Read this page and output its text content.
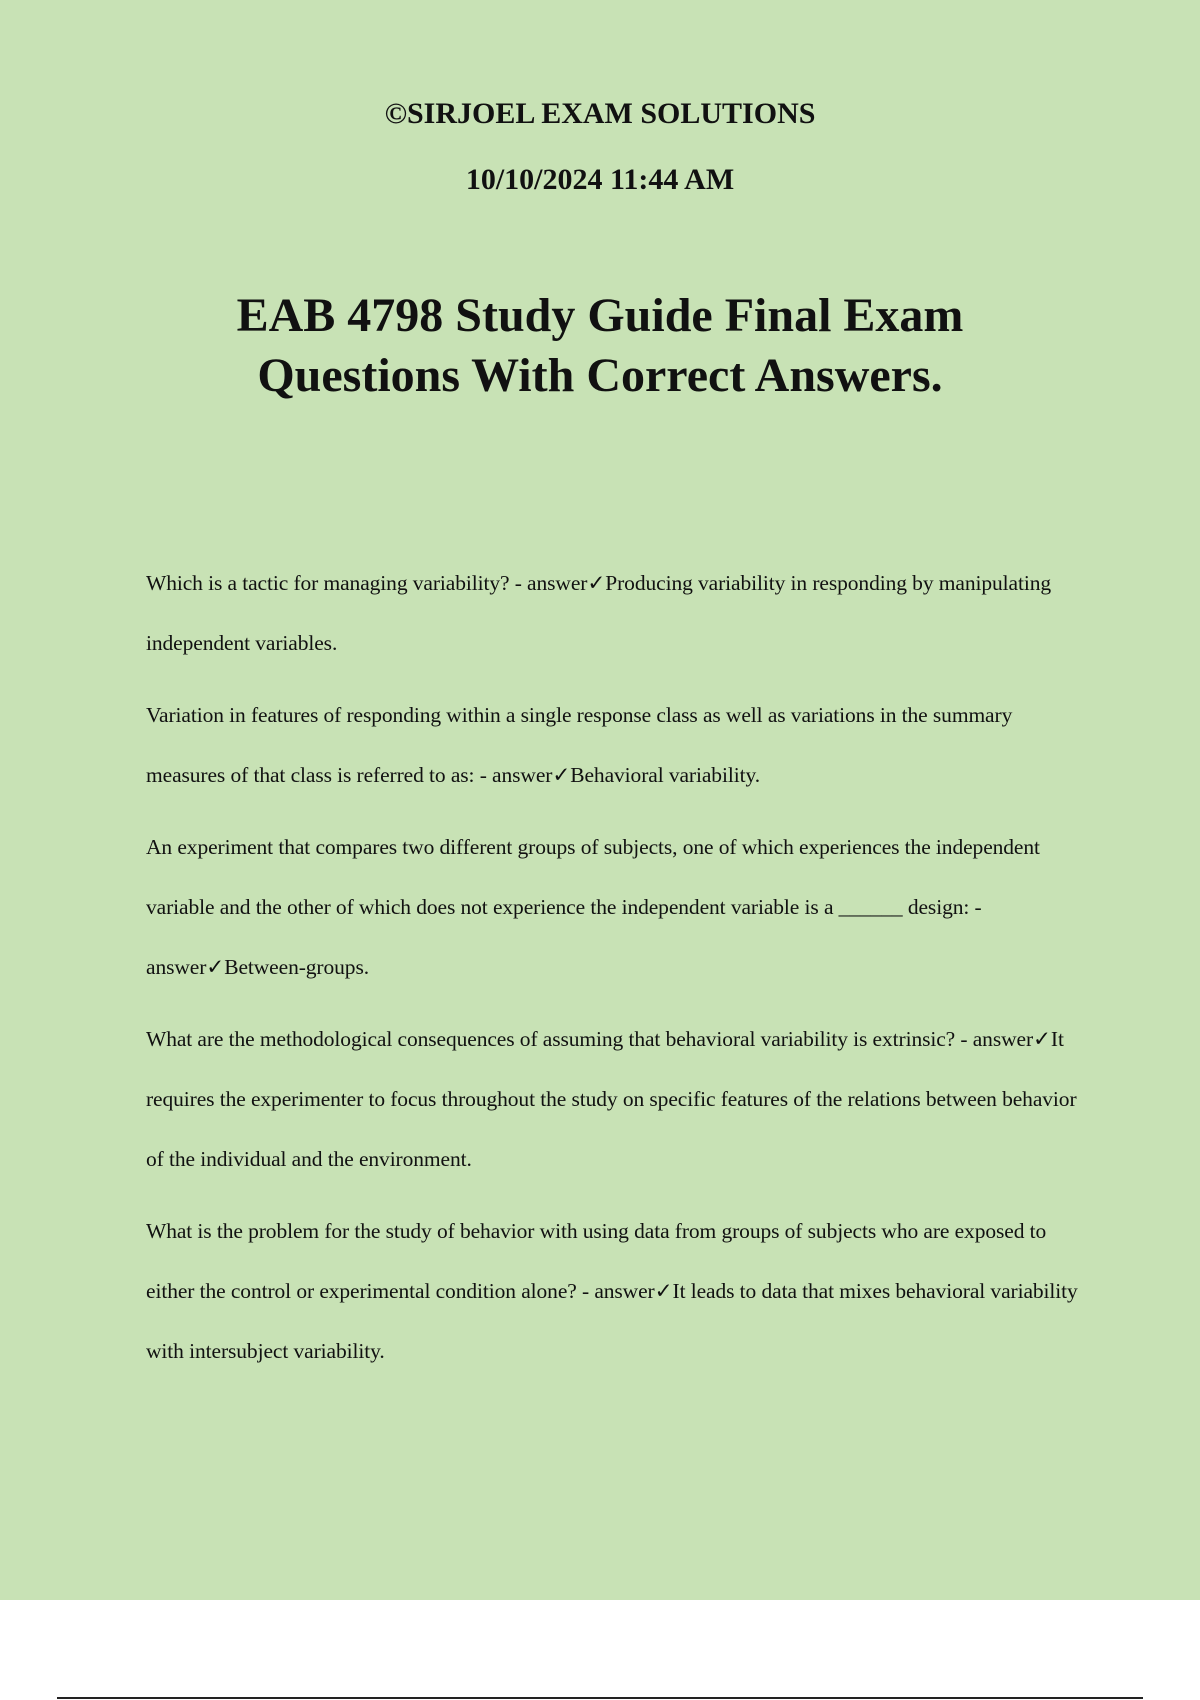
©SIRJOEL EXAM SOLUTIONS

10/10/2024 11:44 AM

EAB 4798 Study Guide Final Exam
Questions With Correct Answers.

Which is a tactic for managing variability? - answer✓Producing variability in responding by manipulating independent variables.

Variation in features of responding within a single response class as well as variations in the summary measures of that class is referred to as: - answer✓Behavioral variability.

An experiment that compares two different groups of subjects, one of which experiences the independent variable and the other of which does not experience the independent variable is a ______ design: - answer✓Between-groups.

What are the methodological consequences of assuming that behavioral variability is extrinsic? - answer✓It requires the experimenter to focus throughout the study on specific features of the relations between behavior of the individual and the environment.

What is the problem for the study of behavior with using data from groups of subjects who are exposed to either the control or experimental condition alone? - answer✓It leads to data that mixes behavioral variability with intersubject variability.
